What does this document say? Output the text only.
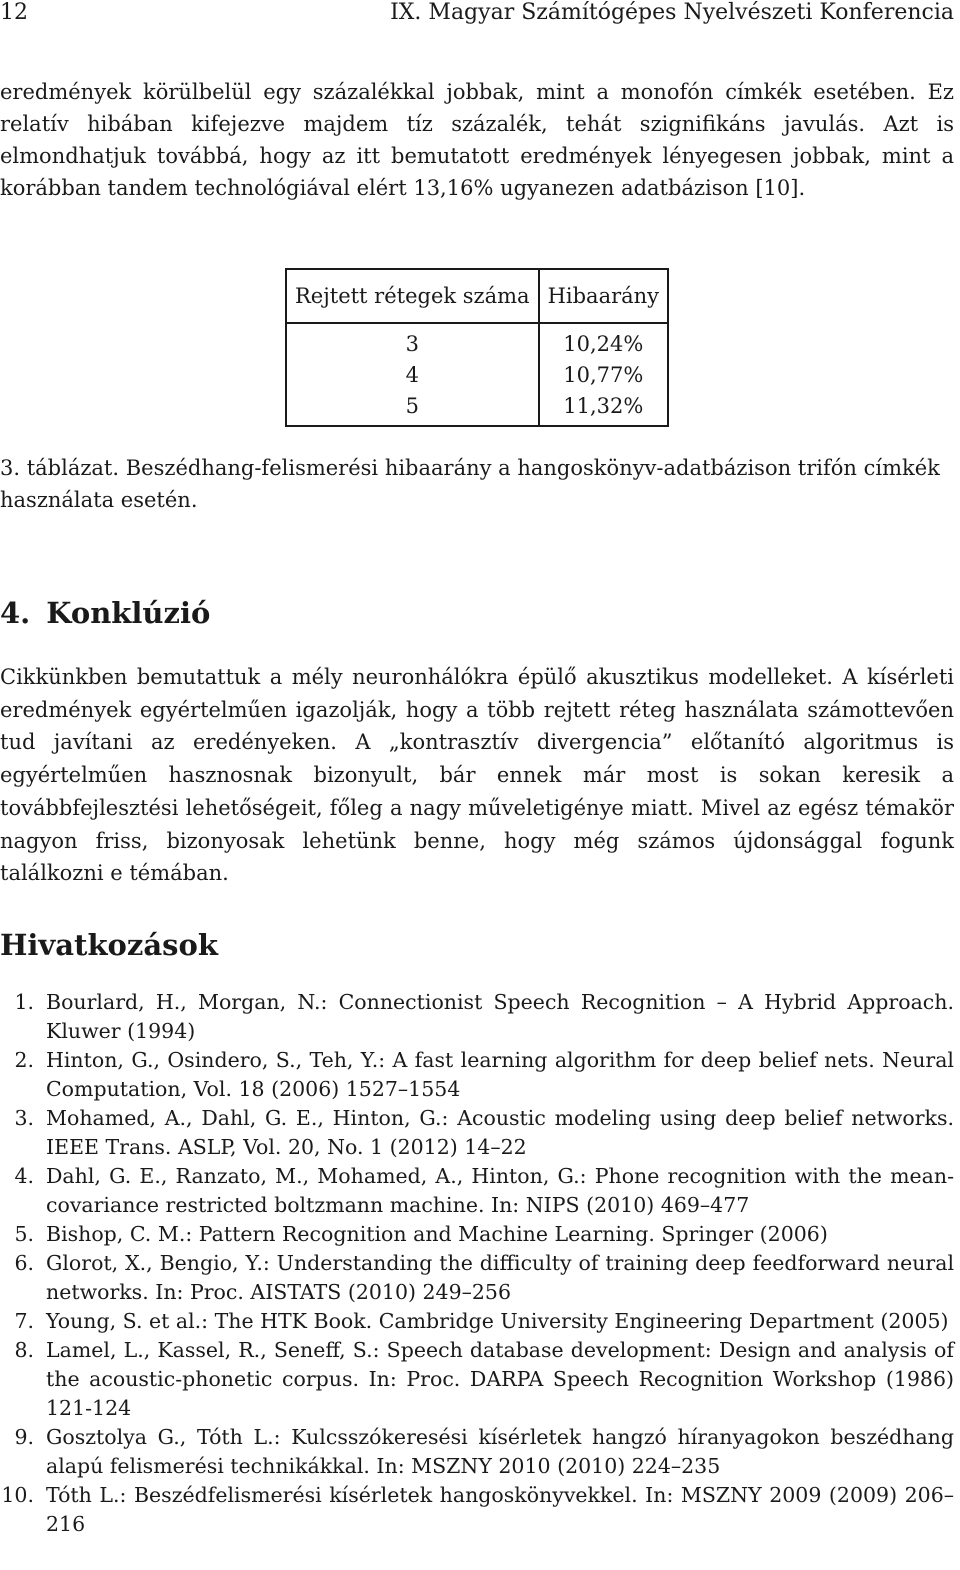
12	IX. Magyar Számítógépes Nyelvészeti Konferencia
eredmények körülbelül egy százalékkal jobbak, mint a monofón címkék esetében. Ez relatív hibában kifejezve majdem tíz százalék, tehát szignifikáns javulás. Azt is elmondhatjuk továbbá, hogy az itt bemutatott eredmények lényegesen jobbak, mint a korábban tandem technológiával elért 13,16% ugyanezen adatbázison [10].
Rejtett rétegek száma	Hibaarány
3	10,24%
4	10,77%
5	11,32%
3. táblázat. Beszédhang-felismerési hibaarány a hangoskönyv-adatbázison trifón címkék használata esetén.
4. Konklúzió
Cikkünkben bemutattuk a mély neuronhálókra épülő akusztikus modelleket. A kísérleti eredmények egyértelműen igazolják, hogy a több rejtett réteg használata számottevően tud javítani az eredényeken. A „kontrasztív divergencia” előtanító algoritmus is egyértelműen hasznosnak bizonyult, bár ennek már most is sokan keresik a továbbfejlesztési lehetőségeit, főleg a nagy műveletigénye miatt. Mivel az egész témakör nagyon friss, bizonyosak lehetünk benne, hogy még számos újdonsággal fogunk találkozni e témában.
Hivatkozások
1. Bourlard, H., Morgan, N.: Connectionist Speech Recognition – A Hybrid Approach. Kluwer (1994)
2. Hinton, G., Osindero, S., Teh, Y.: A fast learning algorithm for deep belief nets. Neural Computation, Vol. 18 (2006) 1527–1554
3. Mohamed, A., Dahl, G. E., Hinton, G.: Acoustic modeling using deep belief networks. IEEE Trans. ASLP, Vol. 20, No. 1 (2012) 14–22
4. Dahl, G. E., Ranzato, M., Mohamed, A., Hinton, G.: Phone recognition with the mean-covariance restricted boltzmann machine. In: NIPS (2010) 469–477
5. Bishop, C. M.: Pattern Recognition and Machine Learning. Springer (2006)
6. Glorot, X., Bengio, Y.: Understanding the difficulty of training deep feedforward neural networks. In: Proc. AISTATS (2010) 249–256
7. Young, S. et al.: The HTK Book. Cambridge University Engineering Department (2005)
8. Lamel, L., Kassel, R., Seneff, S.: Speech database development: Design and analysis of the acoustic-phonetic corpus. In: Proc. DARPA Speech Recognition Workshop (1986) 121-124
9. Gosztolya G., Tóth L.: Kulcsszókeresési kísérletek hangzó híranyagokon beszédhang alapú felismerési technikákkal. In: MSZNY 2010 (2010) 224–235
10. Tóth L.: Beszédfelismerési kísérletek hangoskönyvekkel. In: MSZNY 2009 (2009) 206–216
